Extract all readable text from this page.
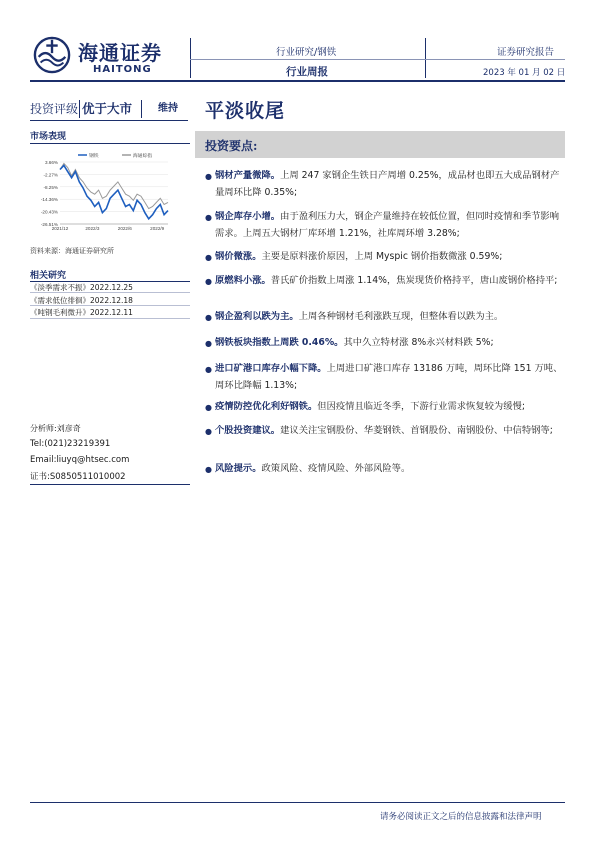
海通证券
HAITONG
行业研究/钢铁
行业周报
证券研究报告
2023 年 01 月 02 日
投资评级 优于大市	维持 平淡收尾
市场表现
3.66%
-2.27%
-8.25%
-14.36%
-20.43%
-26.51%
2021/12	2022/3	2022/6	2022/9
钢铁	海通综指
资料来源：海通证券研究所
相关研究
《淡季需求不振》2022.12.25
《需求低位徘徊》2022.12.18
《吨钢毛利微升》2022.12.11
分析师:刘彦奇
Tel:(021)23219391
Email:liuyq@htsec.com
证书:S0850511010002
投资要点:
● 钢材产量微降。上周 247 家钢企生铁日产周增 0.25%，成品材也即五大成品钢材产量周环比降 0.35%;
● 钢企库存小增。由于盈利压力大，钢企产量维持在较低位置，但同时疫情和季节影响需求。上周五大钢材厂库环增 1.21%，社库周环增 3.28%;
● 钢价微涨。主要是原料涨价原因，上周 Myspic 钢价指数微涨 0.59%;
● 原燃料小涨。普氏矿价指数上周涨 1.14%，焦炭现货价格持平，唐山废钢价格持平;
● 钢企盈利以跌为主。上周各种钢材毛利涨跌互现，但整体看以跌为主。
● 钢铁板块指数上周跌 0.46%。其中久立特材涨 8%永兴材料跌 5%;
● 进口矿港口库存小幅下降。上周进口矿港口库存 13186 万吨，周环比降 151 万吨、周环比降幅 1.13%;
● 疫情防控优化利好钢铁。但因疫情且临近冬季，下游行业需求恢复较为缓慢;
● 个股投资建议。建议关注宝钢股份、华菱钢铁、首钢股份、南钢股份、中信特钢等;
● 风险提示。政策风险、疫情风险、外部风险等。
请务必阅读正文之后的信息披露和法律声明
